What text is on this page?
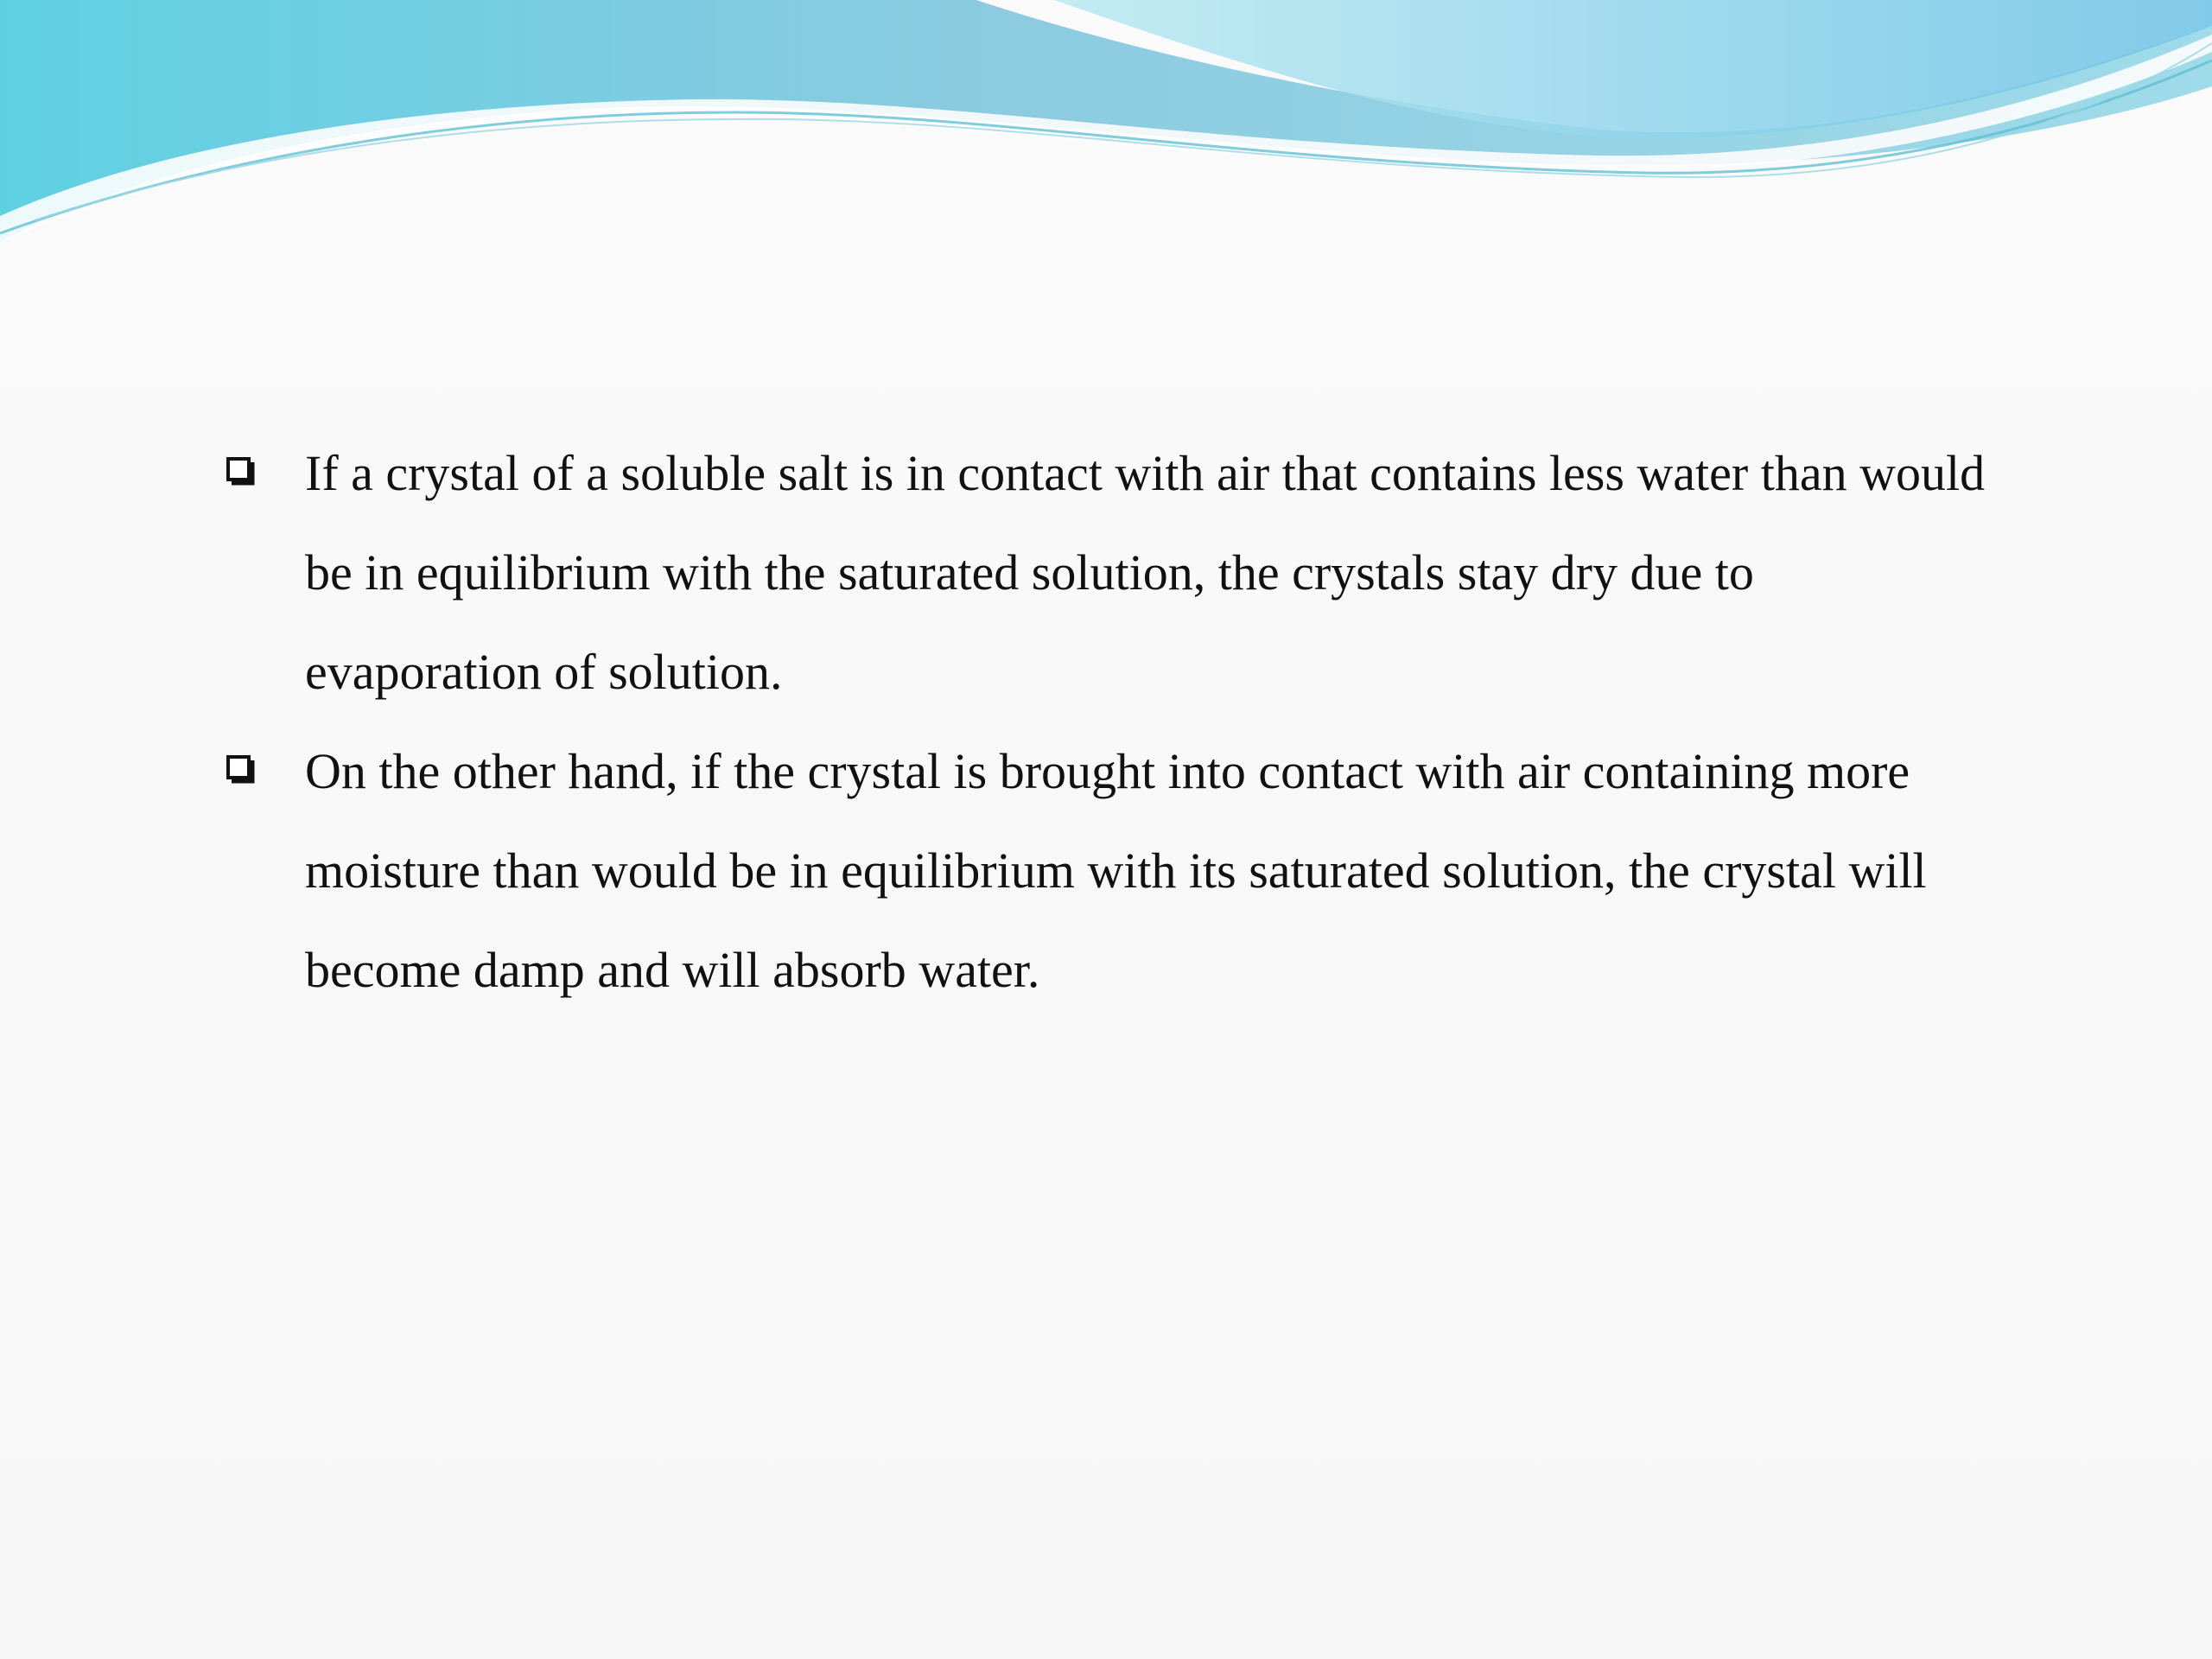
If a crystal of a soluble salt is in contact with air that contains less water than would be in equilibrium with the saturated solution, the crystals stay dry due to evaporation of solution.
On the other hand, if the crystal is brought into contact with air containing more moisture than would be in equilibrium with its saturated solution, the crystal will become damp and will absorb water.
